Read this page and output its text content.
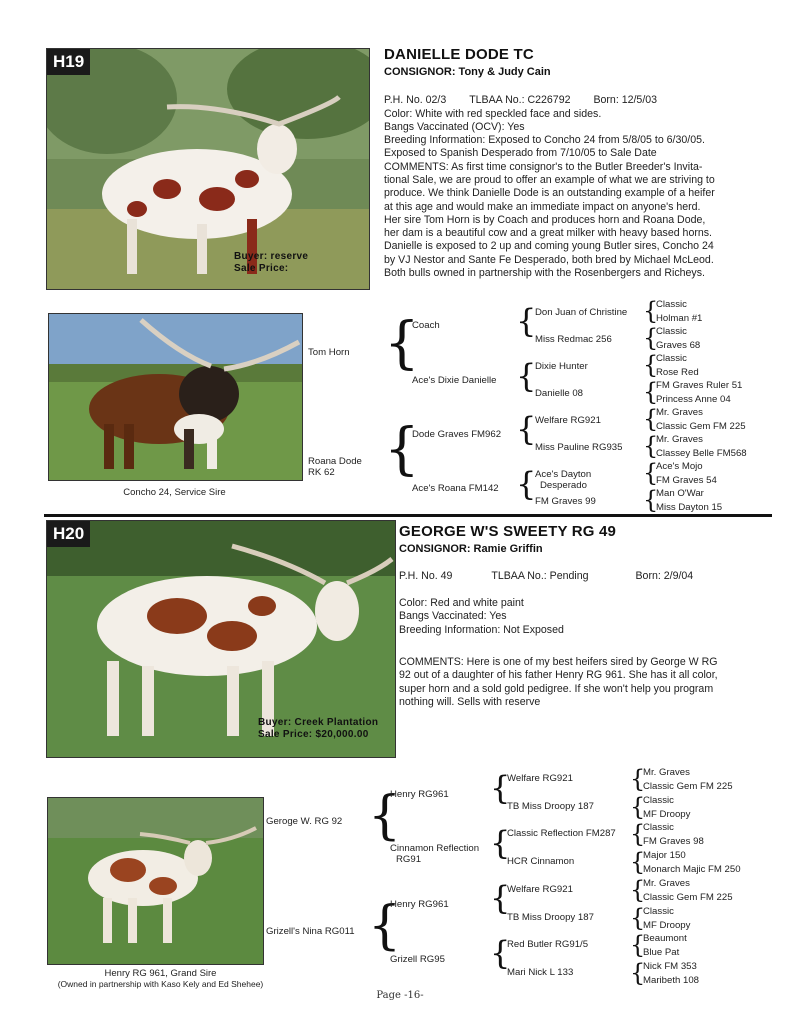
H19
Buyer: reserve
Sale Price:
DANIELLE DODE TC
CONSIGNOR: Tony & Judy Cain
P.H. No. 02/3 TLBAA No.: C226792 Born: 12/5/03
Color: White with red speckled face and sides.
Bangs Vaccinated (OCV): Yes
Breeding Information: Exposed to Concho 24 from 5/8/05 to 6/30/05.
Exposed to Spanish Desperado from 7/10/05 to Sale Date
COMMENTS: As first time consignor's to the Butler Breeder's Invita-
tional Sale, we are proud to offer an example of what we are striving to
produce. We think Danielle Dode is an outstanding example of a heifer
at this age and would make an immediate impact on anyone's herd.
Her sire Tom Horn is by Coach and produces horn and Roana Dode,
her dam is a beautiful cow and a great milker with heavy based horns.
Danielle is exposed to 2 up and coming young Butler sires, Concho 24
by VJ Nestor and Sante Fe Desperado, both bred by Michael McLeod.
Both bulls owned in partnership with the Rosenbergers and Richeys.
Concho 24, Service Sire
Tom Horn
Roana Dode
RK 62
{
{
Coach
Ace's Dixie Danielle
Dode Graves FM962
Ace's Roana FM142
{
{
{
{
Don Juan of Christine
Miss Redmac 256
Dixie Hunter
Danielle 08
Welfare RG921
Miss Pauline RG935
Ace's Dayton
Desperado
FM Graves 99
{
{
{
{
{
{
{
{
Classic
Holman #1
Classic
Graves 68
Classic
Rose Red
FM Graves Ruler 51
Princess Anne 04
Mr. Graves
Classic Gem FM 225
Mr. Graves
Classey Belle FM568
Ace's Mojo
FM Graves 54
Man O'War
Miss Dayton 15
H20
Buyer: Creek Plantation
Sale Price: $20,000.00
GEORGE W'S SWEETY RG 49
CONSIGNOR: Ramie Griffin
P.H. No. 49	TLBAA No.: Pending	Born: 2/9/04
Color: Red and white paint
Bangs Vaccinated: Yes
Breeding Information: Not Exposed
COMMENTS: Here is one of my best heifers sired by George W RG
92 out of a daughter of his father Henry RG 961. She has it all color,
super horn and a sold gold pedigree. If she won't help you program
nothing will. Sells with reserve
Henry RG 961, Grand Sire
(Owned in partnership with Kaso Kely and Ed Shehee)
Geroge W. RG 92
Grizell's Nina RG011
{
{
Henry RG961
Cinnamon Reflection
RG91
Henry RG961
Grizell RG95
{
{
{
{
Welfare RG921
TB Miss Droopy 187
Classic Reflection FM287
HCR Cinnamon
Welfare RG921
TB Miss Droopy 187
Red Butler RG91/5
Mari Nick L 133
{
{
{
{
{
{
{
{
Mr. Graves
Classic Gem FM 225
Classic
MF Droopy
Classic
FM Graves 98
Major 150
Monarch Majic FM 250
Mr. Graves
Classic Gem FM 225
Classic
MF Droopy
Beaumont
Blue Pat
Nick FM 353
Maribeth 108
Page -16-
